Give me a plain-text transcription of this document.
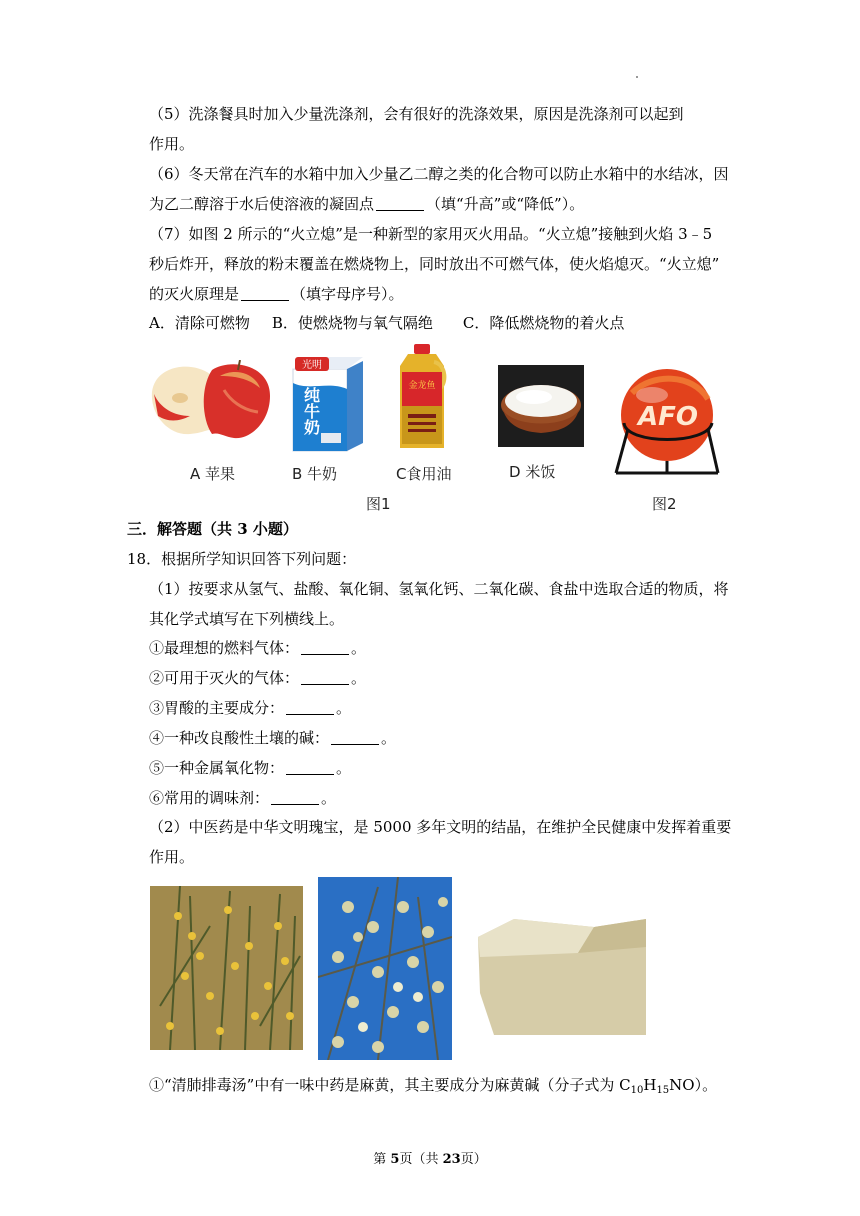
（5）洗涤餐具时加入少量洗涤剂，会有很好的洗涤效果，原因是洗涤剂可以起到
作用。
（6）冬天常在汽车的水箱中加入少量乙二醇之类的化合物可以防止水箱中的水结冰，因
为乙二醇溶于水后使溶液的凝固点	（填“升高”或“降低”）。
（7）如图 2 所示的“火立熄”是一种新型的家用灭火用品。“火立熄”接触到火焰 3﹣5
秒后炸开，释放的粉末覆盖在燃烧物上，同时放出不可燃气体，使火焰熄灭。“火立熄”
的灭火原理是	（填字母序号）。
A．清除可燃物 B．使燃烧物与氧气隔绝 C．降低燃烧物的着火点
光明
纯牛奶
金龙鱼
AFO
A 苹果	B 牛奶	C食用油	D 米饭
图1	图2
三．解答题（共 3 小题）
18．根据所学知识回答下列问题：
（1）按要求从氢气、盐酸、氧化铜、氢氧化钙、二氧化碳、食盐中选取合适的物质，将
其化学式填写在下列横线上。
①最理想的燃料气体：	。
②可用于灭火的气体：	。
③胃酸的主要成分：	。
④一种改良酸性土壤的碱：	。
⑤一种金属氧化物：	。
⑥常用的调味剂：	。
（2）中医药是中华文明瑰宝，是 5000 多年文明的结晶，在维护全民健康中发挥着重要
作用。
①“清肺排毒汤”中有一味中药是麻黄，其主要成分为麻黄碱（分子式为 $C_{10}H_{15}NO$）。
第 5页（共 23页）
